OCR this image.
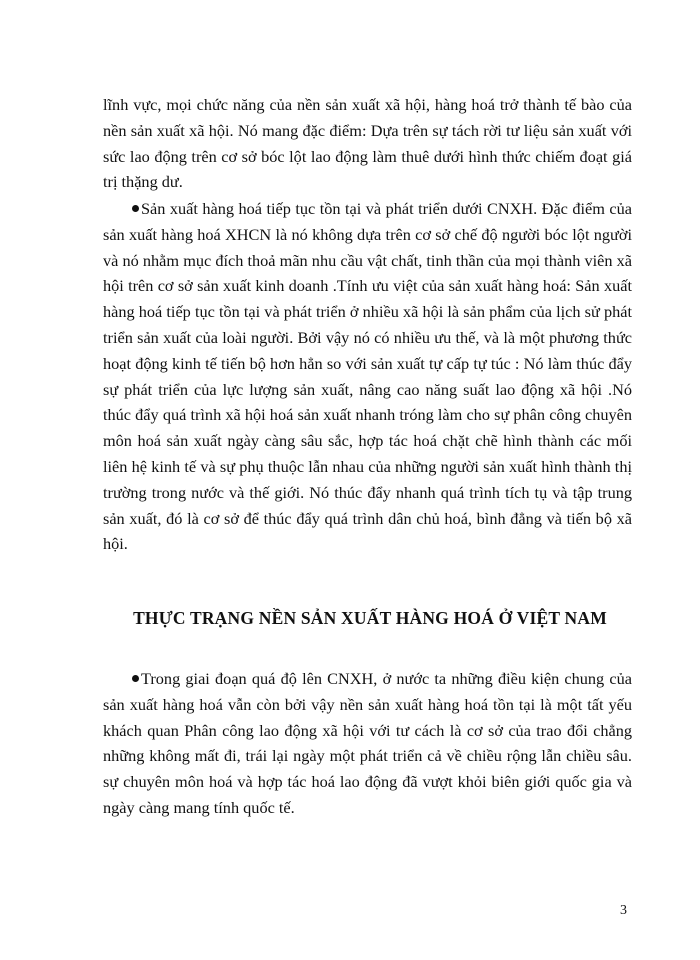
lĩnh vực, mọi chức năng của nền sản xuất xã hội, hàng hoá trở thành tế bào của nền sản xuất xã hội. Nó mang đặc điểm: Dựa trên sự tách rời tư liệu sản xuất với sức lao động trên cơ sở bóc lột lao động làm thuê dưới hình thức chiếm đoạt giá trị thặng dư.

Sản xuất hàng hoá tiếp tục tồn tại và phát triển dưới CNXH. Đặc điểm của sản xuất hàng hoá XHCN là nó không dựa trên cơ sở chế độ người bóc lột người và nó nhằm mục đích thoả mãn nhu cầu vật chất, tinh thần của mọi thành viên xã hội trên cơ sở sản xuất kinh doanh .Tính ưu việt của sản xuất hàng hoá: Sản xuất hàng hoá tiếp tục tồn tại và phát triển ở nhiều xã hội là sản phẩm của lịch sử phát triển sản xuất của loài người. Bởi vậy nó có nhiều ưu thế, và là một phương thức hoạt động kinh tế tiến bộ hơn hẳn so với sản xuất tự cấp tự túc : Nó làm thúc đẩy sự phát triển của lực lượng sản xuất, nâng cao năng suất lao động xã hội .Nó thúc đẩy quá trình xã hội hoá sản xuất nhanh tróng làm cho sự phân công chuyên môn hoá sản xuất ngày càng sâu sắc, hợp tác hoá chặt chẽ hình thành các mối liên hệ kinh tế và sự phụ thuộc lẫn nhau của những người sản xuất hình thành thị trường trong nước và thế giới. Nó thúc đẩy nhanh quá trình tích tụ và tập trung sản xuất, đó là cơ sở để thúc đẩy quá trình dân chủ hoá, bình đẳng và tiến bộ xã hội.

THỰC TRẠNG NỀN SẢN XUẤT HÀNG HOÁ Ở VIỆT NAM

Trong giai đoạn quá độ lên CNXH, ở nước ta những điều kiện chung của sản xuất hàng hoá vẫn còn bởi vậy nền sản xuất hàng hoá tồn tại là một tất yếu khách quan Phân công lao động xã hội với tư cách là cơ sở của trao đổi chẳng những không mất đi, trái lại ngày một phát triển cả về chiều rộng lẫn chiều sâu. sự chuyên môn hoá và hợp tác hoá lao động đã vượt khỏi biên giới quốc gia và ngày càng mang tính quốc tế.

3
